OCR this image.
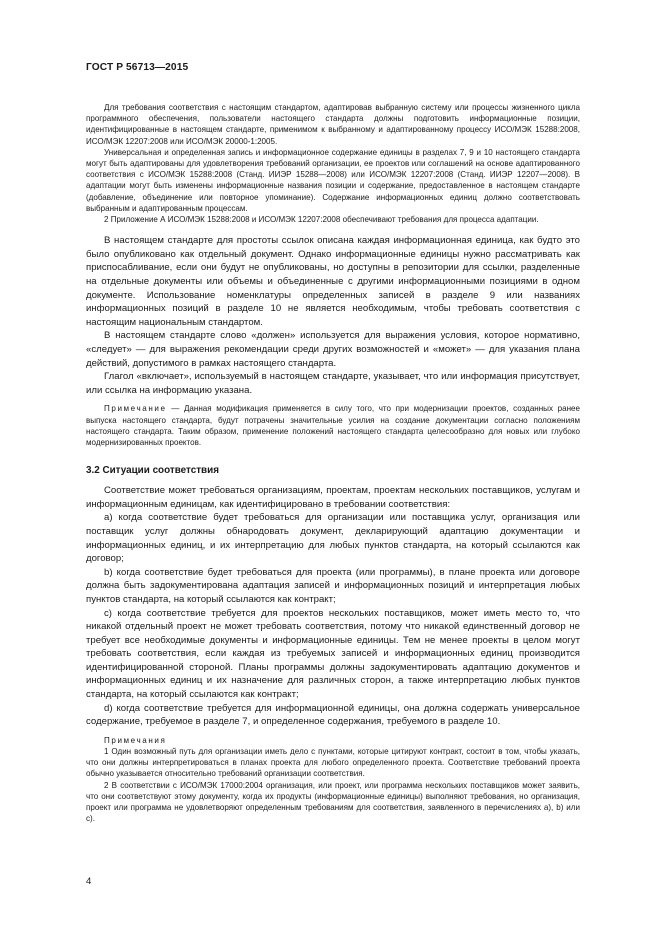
ГОСТ Р 56713—2015

Для требования соответствия с настоящим стандартом, адаптировав выбранную систему или процессы жизненного цикла программного обеспечения, пользователи настоящего стандарта должны подготовить информационные позиции, идентифицированные в настоящем стандарте, применимом к выбранному и адаптированному процессу ИСО/МЭК 15288:2008, ИСО/МЭК 12207:2008 или ИСО/МЭК 20000-1:2005.

Универсальная и определенная запись и информационное содержание единицы в разделах 7, 9 и 10 настоящего стандарта могут быть адаптированы для удовлетворения требований организации, ее проектов или соглашений на основе адаптированного соответствия с ИСО/МЭК 15288:2008 (Станд. ИИЭР 15288—2008) или ИСО/МЭК 12207:2008 (Станд. ИИЭР 12207—2008). В адаптации могут быть изменены информационные названия позиции и содержание, предоставленное в настоящем стандарте (добавление, объединение или повторное упоминание). Содержание информационных единиц должно соответствовать выбранным и адаптированным процессам.

2 Приложение А ИСО/МЭК 15288:2008 и ИСО/МЭК 12207:2008 обеспечивают требования для процесса адаптации.

В настоящем стандарте для простоты ссылок описана каждая информационная единица, как будто это было опубликовано как отдельный документ. Однако информационные единицы нужно рассматривать как приспосабливание, если они будут не опубликованы, но доступны в репозитории для ссылки, разделенные на отдельные документы или объемы и объединенные с другими информационными позициями в одном документе. Использование номенклатуры определенных записей в разделе 9 или названиях информационных позиций в разделе 10 не является необходимым, чтобы требовать соответствия с настоящим национальным стандартом.

В настоящем стандарте слово «должен» используется для выражения условия, которое нормативно, «следует» — для выражения рекомендации среди других возможностей и «может» — для указания плана действий, допустимого в рамках настоящего стандарта.

Глагол «включает», используемый в настоящем стандарте, указывает, что или информация присутствует, или ссылка на информацию указана.

Примечание — Данная модификация применяется в силу того, что при модернизации проектов, созданных ранее выпуска настоящего стандарта, будут потрачены значительные усилия на создание документации согласно положениям настоящего стандарта. Таким образом, применение положений настоящего стандарта целесообразно для новых или глубоко модернизированных проектов.

3.2 Ситуации соответствия

Соответствие может требоваться организациям, проектам, проектам нескольких поставщиков, услугам и информационным единицам, как идентифицировано в требовании соответствия:

а) когда соответствие будет требоваться для организации или поставщика услуг, организация или поставщик услуг должны обнародовать документ, декларирующий адаптацию документации и информационных единиц, и их интерпретацию для любых пунктов стандарта, на который ссылаются как договор;

b) когда соответствие будет требоваться для проекта (или программы), в плане проекта или договоре должна быть задокументирована адаптация записей и информационных позиций и интерпретация любых пунктов стандарта, на который ссылаются как контракт;

с) когда соответствие требуется для проектов нескольких поставщиков, может иметь место то, что никакой отдельный проект не может требовать соответствия, потому что никакой единственный договор не требует все необходимые документы и информационные единицы. Тем не менее проекты в целом могут требовать соответствия, если каждая из требуемых записей и информационных единиц производится идентифицированной стороной. Планы программы должны задокументировать адаптацию документов и информационных единиц и их назначение для различных сторон, а также интерпретацию любых пунктов стандарта, на который ссылаются как контракт;

d) когда соответствие требуется для информационной единицы, она должна содержать универсальное содержание, требуемое в разделе 7, и определенное содержания, требуемого в разделе 10.

Примечания

1 Один возможный путь для организации иметь дело с пунктами, которые цитируют контракт, состоит в том, чтобы указать, что они должны интерпретироваться в планах проекта для любого определенного проекта. Соответствие требований проекта обычно указывается относительно требований организации соответствия.

2 В соответствии с ИСО/МЭК 17000:2004 организация, или проект, или программа нескольких поставщиков может заявить, что они соответствуют этому документу, когда их продукты (информационные единицы) выполняют требования, но организация, проект или программа не удовлетворяют определенным требованиям для соответствия, заявленного в перечислениях а), b) или с).

4
